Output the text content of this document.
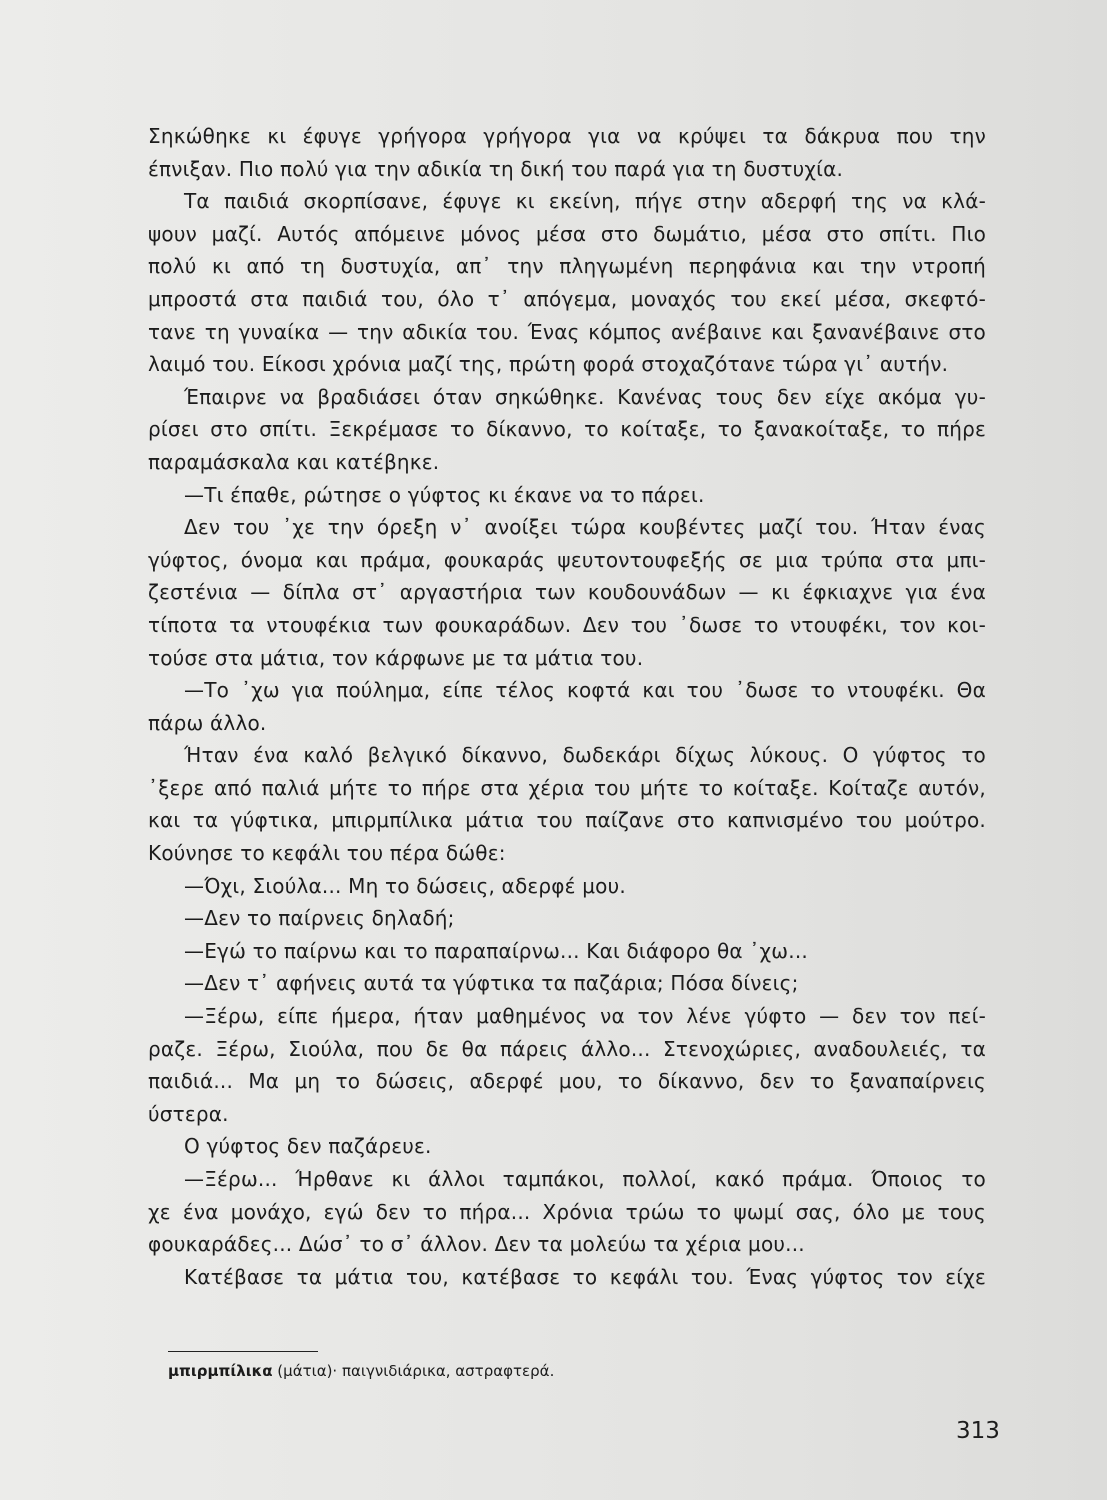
Σηκώθηκε κι έφυγε γρήγορα γρήγορα για να κρύψει τα δάκρυα που την
έπνιξαν. Πιο πολύ για την αδικία τη δική του παρά για τη δυστυχία.
Τα παιδιά σκορπίσανε, έφυγε κι εκείνη, πήγε στην αδερφή της να κλά-
ψουν μαζί. Αυτός απόμεινε μόνος μέσα στο δωμάτιο, μέσα στο σπίτι. Πιο
πολύ κι από τη δυστυχία, απ᾽ την πληγωμένη περηφάνια και την ντροπή
μπροστά στα παιδιά του, όλο τ᾽ απόγεμα, μοναχός του εκεί μέσα, σκεφτό-
τανε τη γυναίκα — την αδικία του. Ένας κόμπος ανέβαινε και ξανανέβαινε στο
λαιμό του. Είκοσι χρόνια μαζί της, πρώτη φορά στοχαζότανε τώρα γι᾽ αυτήν.
Έπαιρνε να βραδιάσει όταν σηκώθηκε. Κανένας τους δεν είχε ακόμα γυ-
ρίσει στο σπίτι. Ξεκρέμασε το δίκαννο, το κοίταξε, το ξανακοίταξε, το πήρε
παραμάσκαλα και κατέβηκε.
—Τι έπαθε, ρώτησε ο γύφτος κι έκανε να το πάρει.
Δεν του ᾽χε την όρεξη ν᾽ ανοίξει τώρα κουβέντες μαζί του. Ήταν ένας
γύφτος, όνομα και πράμα, φουκαράς ψευτοντουφεξής σε μια τρύπα στα μπι-
ζεστένια — δίπλα στ᾽ αργαστήρια των κουδουνάδων — κι έφκιαχνε για ένα
τίποτα τα ντουφέκια των φουκαράδων. Δεν του ᾽δωσε το ντουφέκι, τον κοι-
τούσε στα μάτια, τον κάρφωνε με τα μάτια του.
—Το ᾽χω για πούλημα, είπε τέλος κοφτά και του ᾽δωσε το ντουφέκι. Θα
πάρω άλλο.
Ήταν ένα καλό βελγικό δίκαννο, δωδεκάρι δίχως λύκους. Ο γύφτος το
᾽ξερε από παλιά μήτε το πήρε στα χέρια του μήτε το κοίταξε. Κοίταζε αυτόν,
και τα γύφτικα, μπιρμπίλικα μάτια του παίζανε στο καπνισμένο του μούτρο.
Κούνησε το κεφάλι του πέρα δώθε:
—Όχι, Σιούλα... Μη το δώσεις, αδερφέ μου.
—Δεν το παίρνεις δηλαδή;
—Εγώ το παίρνω και το παραπαίρνω... Και διάφορο θα ᾽χω...
—Δεν τ᾽ αφήνεις αυτά τα γύφτικα τα παζάρια; Πόσα δίνεις;
—Ξέρω, είπε ήμερα, ήταν μαθημένος να τον λένε γύφτο — δεν τον πεί-
ραζε. Ξέρω, Σιούλα, που δε θα πάρεις άλλο... Στενοχώριες, αναδουλειές, τα
παιδιά... Μα μη το δώσεις, αδερφέ μου, το δίκαννο, δεν το ξαναπαίρνεις
ύστερα.
Ο γύφτος δεν παζάρευε.
—Ξέρω... Ήρθανε κι άλλοι ταμπάκοι, πολλοί, κακό πράμα. Όποιος το
χε ένα μονάχο, εγώ δεν το πήρα... Χρόνια τρώω το ψωμί σας, όλο με τους
φουκαράδες... Δώσ᾽ το σ᾽ άλλον. Δεν τα μολεύω τα χέρια μου...
Κατέβασε τα μάτια του, κατέβασε το κεφάλι του. Ένας γύφτος τον είχε
μπιρμπίλικα (μάτια)· παιγνιδιάρικα, αστραφτερά.
313
